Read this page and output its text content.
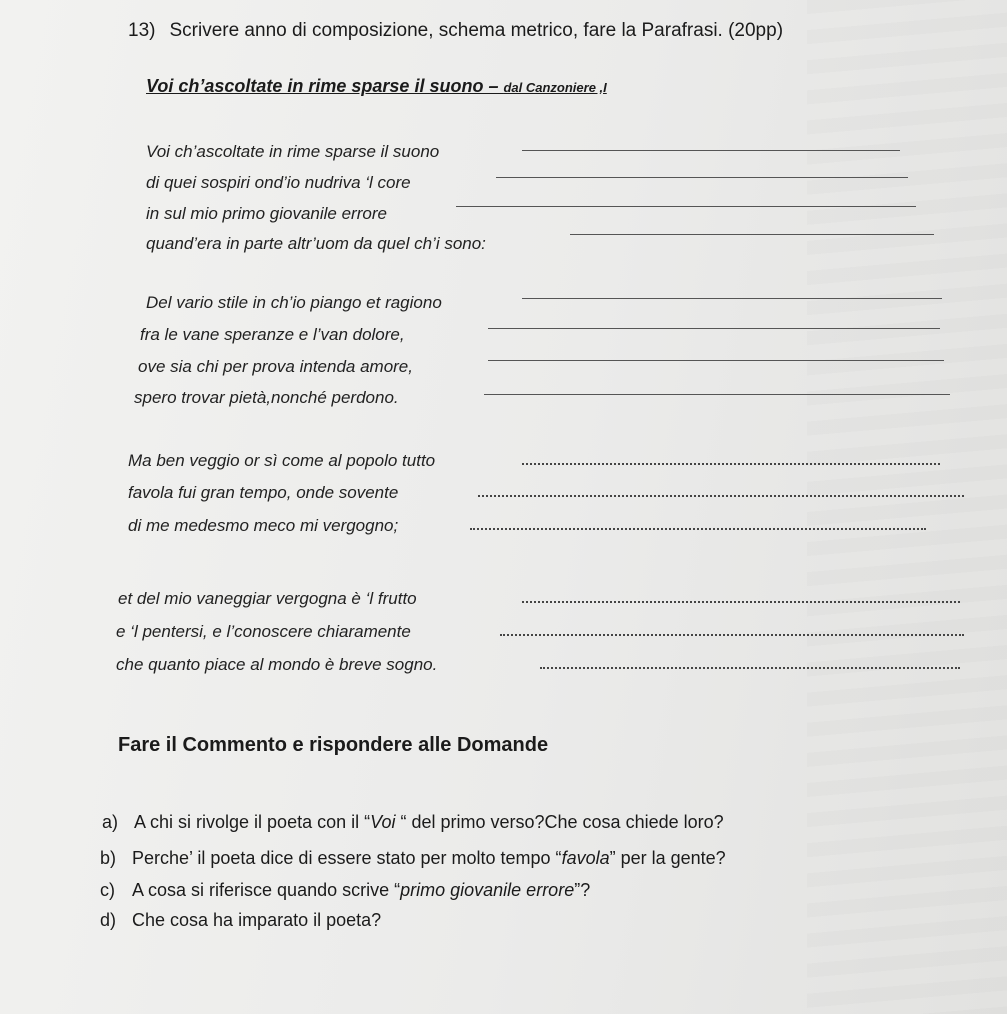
13) Scrivere anno di composizione, schema metrico, fare la Parafrasi. (20pp)
Voi ch’ascoltate in rime sparse il suono – dal Canzoniere ,I
Voi ch’ascoltate in rime sparse il suono
di quei sospiri ond’io nudriva ‘l core
in sul mio primo giovanile errore
quand’era in parte altr’uom da quel ch’i sono:
Del vario stile in ch’io piango et ragiono
fra le vane speranze e l’van dolore,
ove sia chi per prova intenda amore,
spero trovar pietà,nonché perdono.
Ma ben veggio or sì come al popolo tutto
favola fui gran tempo, onde sovente
di me medesmo meco mi vergogno;
et del mio vaneggiar vergogna è ‘l frutto
e ‘l pentersi, e l’conoscere chiaramente
che quanto piace al mondo è breve sogno.
Fare il Commento e rispondere alle Domande
a) A chi si rivolge il poeta con il “Voi “ del primo verso?Che cosa chiede loro?
b) Perche’ il poeta dice di essere stato per molto tempo “favola” per la gente?
c) A cosa si riferisce quando scrive “primo giovanile errore”?
d) Che cosa ha imparato il poeta?
